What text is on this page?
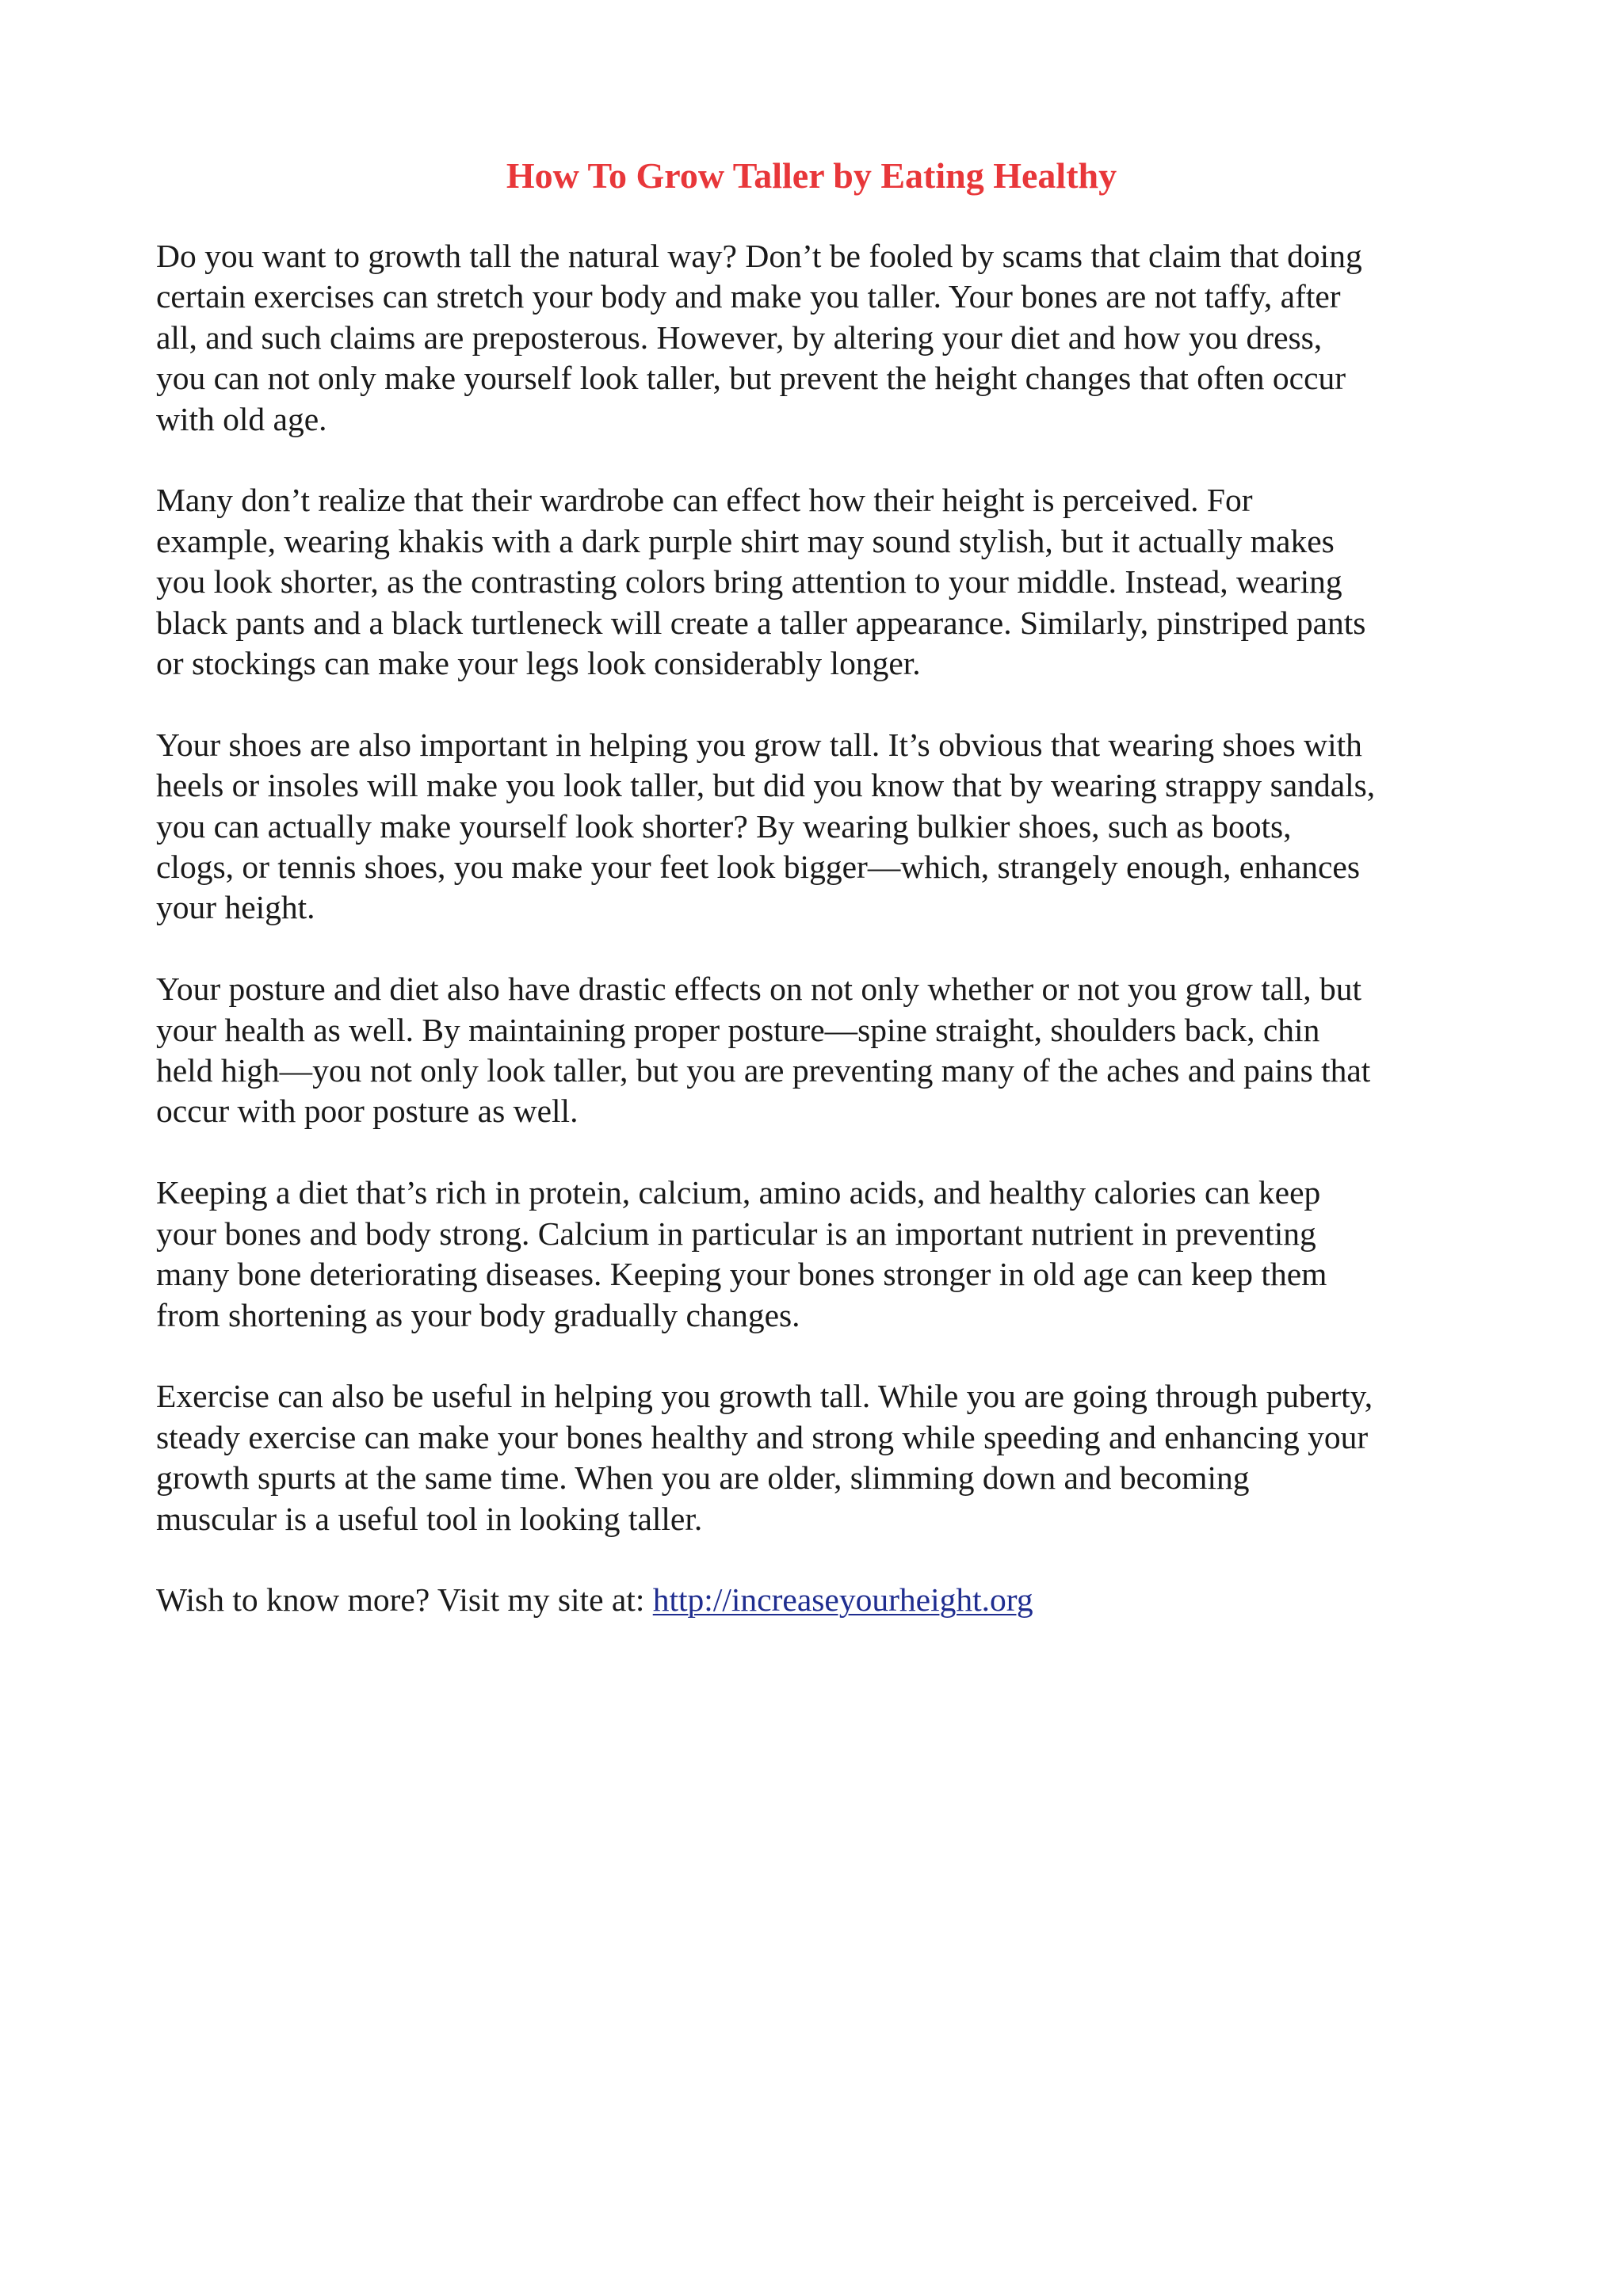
How To Grow Taller by Eating Healthy

Do you want to growth tall the natural way? Don’t be fooled by scams that claim that doing
certain exercises can stretch your body and make you taller. Your bones are not taffy, after
all, and such claims are preposterous. However, by altering your diet and how you dress,
you can not only make yourself look taller, but prevent the height changes that often occur
with old age.

Many don’t realize that their wardrobe can effect how their height is perceived. For
example, wearing khakis with a dark purple shirt may sound stylish, but it actually makes
you look shorter, as the contrasting colors bring attention to your middle. Instead, wearing
black pants and a black turtleneck will create a taller appearance. Similarly, pinstriped pants
or stockings can make your legs look considerably longer.

Your shoes are also important in helping you grow tall. It’s obvious that wearing shoes with
heels or insoles will make you look taller, but did you know that by wearing strappy sandals,
you can actually make yourself look shorter? By wearing bulkier shoes, such as boots,
clogs, or tennis shoes, you make your feet look bigger—which, strangely enough, enhances
your height.

Your posture and diet also have drastic effects on not only whether or not you grow tall, but
your health as well. By maintaining proper posture—spine straight, shoulders back, chin
held high—you not only look taller, but you are preventing many of the aches and pains that
occur with poor posture as well.

Keeping a diet that’s rich in protein, calcium, amino acids, and healthy calories can keep
your bones and body strong. Calcium in particular is an important nutrient in preventing
many bone deteriorating diseases. Keeping your bones stronger in old age can keep them
from shortening as your body gradually changes.

Exercise can also be useful in helping you growth tall. While you are going through puberty,
steady exercise can make your bones healthy and strong while speeding and enhancing your
growth spurts at the same time. When you are older, slimming down and becoming
muscular is a useful tool in looking taller.

Wish to know more? Visit my site at: http://increaseyourheight.org
